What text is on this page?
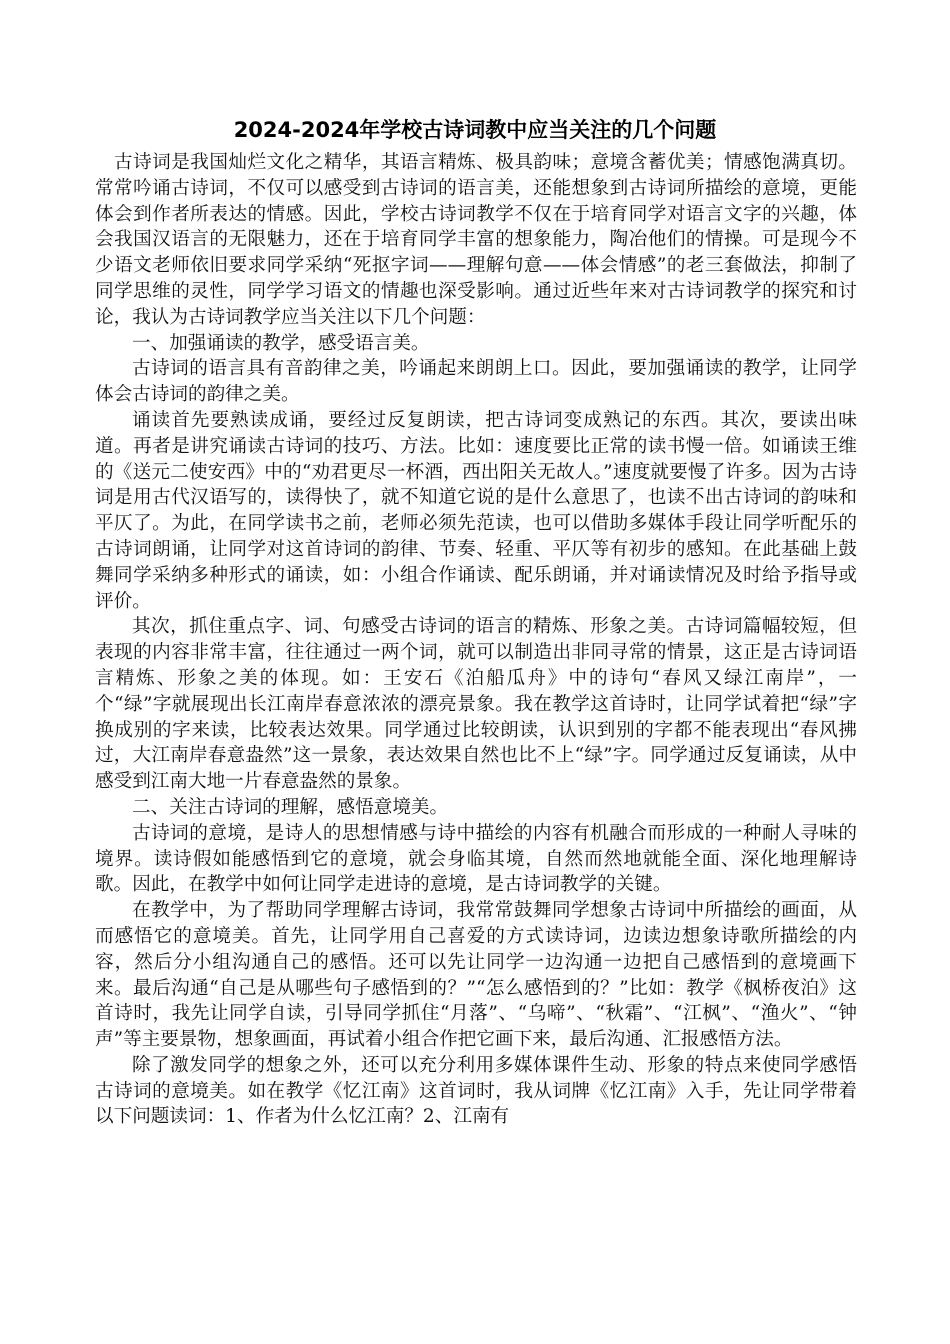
2024-2024年学校古诗词教中应当关注的几个问题

古诗词是我国灿烂文化之精华，其语言精炼、极具韵味；意境含蓄优美；情感饱满真切。常常吟诵古诗词，不仅可以感受到古诗词的语言美，还能想象到古诗词所描绘的意境，更能体会到作者所表达的情感。因此，学校古诗词教学不仅在于培育同学对语言文字的兴趣，体会我国汉语言的无限魅力，还在于培育同学丰富的想象能力，陶冶他们的情操。可是现今不少语文老师依旧要求同学采纳“死抠字词——理解句意——体会情感”的老三套做法，抑制了同学思维的灵性，同学学习语文的情趣也深受影响。通过近些年来对古诗词教学的探究和讨论，我认为古诗词教学应当关注以下几个问题：

一、加强诵读的教学，感受语言美。

古诗词的语言具有音韵律之美，吟诵起来朗朗上口。因此，要加强诵读的教学，让同学体会古诗词的韵律之美。

诵读首先要熟读成诵，要经过反复朗读，把古诗词变成熟记的东西。其次，要读出味道。再者是讲究诵读古诗词的技巧、方法。比如：速度要比正常的读书慢一倍。如诵读王维的《送元二使安西》中的“劝君更尽一杯酒，西出阳关无故人。”速度就要慢了许多。因为古诗词是用古代汉语写的，读得快了，就不知道它说的是什么意思了，也读不出古诗词的韵味和平仄了。为此，在同学读书之前，老师必须先范读，也可以借助多媒体手段让同学听配乐的古诗词朗诵，让同学对这首诗词的韵律、节奏、轻重、平仄等有初步的感知。在此基础上鼓舞同学采纳多种形式的诵读，如：小组合作诵读、配乐朗诵，并对诵读情况及时给予指导或评价。

其次，抓住重点字、词、句感受古诗词的语言的精炼、形象之美。古诗词篇幅较短，但表现的内容非常丰富，往往通过一两个词，就可以制造出非同寻常的情景，这正是古诗词语言精炼、形象之美的体现。如：王安石《泊船瓜舟》中的诗句“春风又绿江南岸”，一个“绿”字就展现出长江南岸春意浓浓的漂亮景象。我在教学这首诗时，让同学试着把“绿”字换成别的字来读，比较表达效果。同学通过比较朗读，认识到别的字都不能表现出“春风拂过，大江南岸春意盎然”这一景象，表达效果自然也比不上“绿”字。同学通过反复诵读，从中感受到江南大地一片春意盎然的景象。

二、关注古诗词的理解，感悟意境美。

古诗词的意境，是诗人的思想情感与诗中描绘的内容有机融合而形成的一种耐人寻味的境界。读诗假如能感悟到它的意境，就会身临其境，自然而然地就能全面、深化地理解诗歌。因此，在教学中如何让同学走进诗的意境，是古诗词教学的关键。

在教学中，为了帮助同学理解古诗词，我常常鼓舞同学想象古诗词中所描绘的画面，从而感悟它的意境美。首先，让同学用自己喜爱的方式读诗词，边读边想象诗歌所描绘的内容，然后分小组沟通自己的感悟。还可以先让同学一边沟通一边把自己感悟到的意境画下来。最后沟通“自己是从哪些句子感悟到的？”“怎么感悟到的？”比如：教学《枫桥夜泊》这首诗时，我先让同学自读，引导同学抓住“月落”、“乌啼”、“秋霜”、“江枫”、“渔火”、“钟声”等主要景物，想象画面，再试着小组合作把它画下来，最后沟通、汇报感悟方法。

除了激发同学的想象之外，还可以充分利用多媒体课件生动、形象的特点来使同学感悟古诗词的意境美。如在教学《忆江南》这首词时，我从词牌《忆江南》入手，先让同学带着以下问题读词：1、作者为什么忆江南？2、江南有
